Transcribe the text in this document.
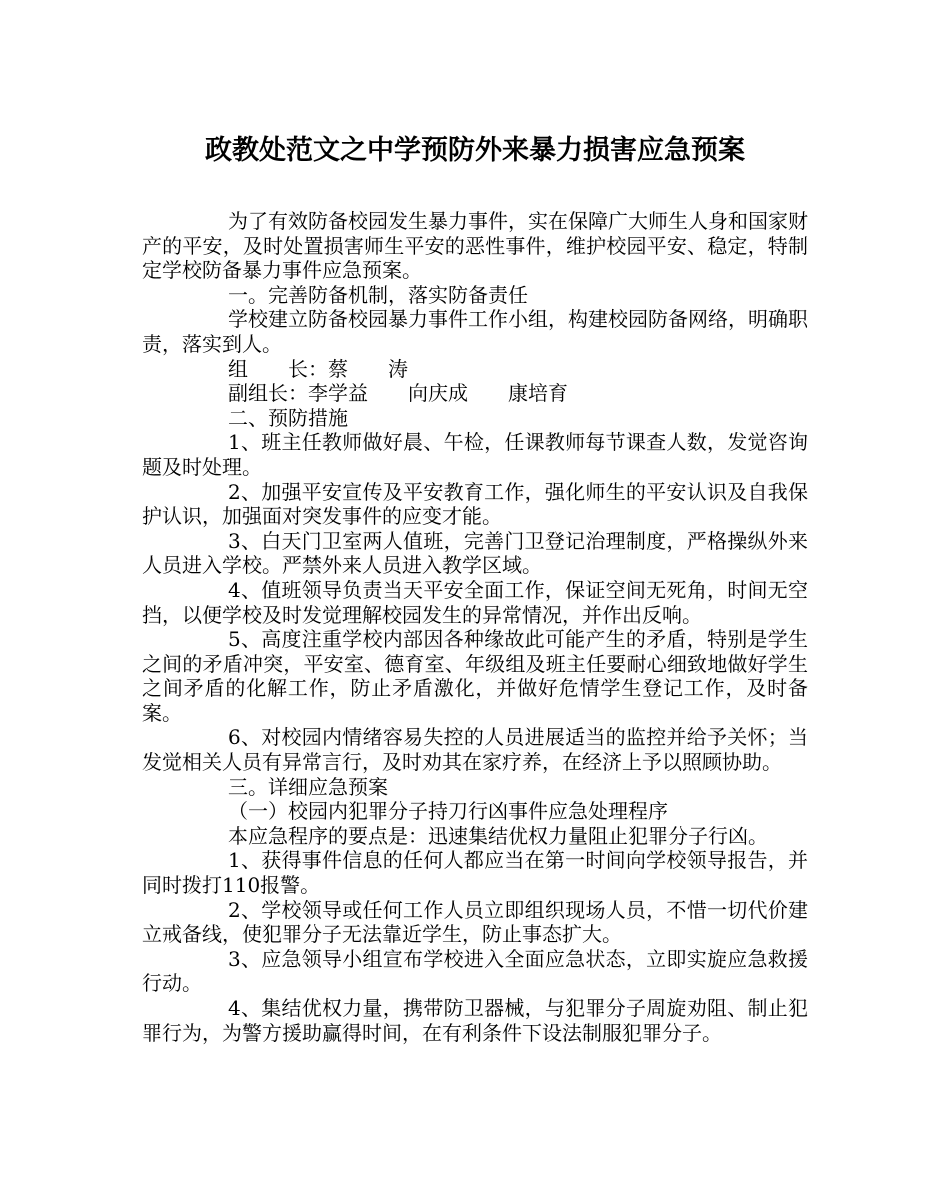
政教处范文之中学预防外来暴力损害应急预案

为了有效防备校园发生暴力事件，实在保障广大师生人身和国家财产的平安，及时处置损害师生平安的恶性事件，维护校园平安、稳定，特制定学校防备暴力事件应急预案。

一。完善防备机制，落实防备责任

学校建立防备校园暴力事件工作小组，构建校园防备网络，明确职责，落实到人。

组　　长：蔡　　涛

副组长：李学益　　向庆成　　康培育

二、预防措施

1、班主任教师做好晨、午检，任课教师每节课查人数，发觉咨询题及时处理。

2、加强平安宣传及平安教育工作，强化师生的平安认识及自我保护认识，加强面对突发事件的应变才能。

3、白天门卫室两人值班，完善门卫登记治理制度，严格操纵外来人员进入学校。严禁外来人员进入教学区域。

4、值班领导负责当天平安全面工作，保证空间无死角，时间无空挡，以便学校及时发觉理解校园发生的异常情况，并作出反响。

5、高度注重学校内部因各种缘故此可能产生的矛盾，特别是学生之间的矛盾冲突，平安室、德育室、年级组及班主任要耐心细致地做好学生之间矛盾的化解工作，防止矛盾激化，并做好危情学生登记工作，及时备案。

6、对校园内情绪容易失控的人员进展适当的监控并给予关怀；当发觉相关人员有异常言行，及时劝其在家疗养，在经济上予以照顾协助。

三。详细应急预案

（一）校园内犯罪分子持刀行凶事件应急处理程序

本应急程序的要点是：迅速集结优权力量阻止犯罪分子行凶。

1、获得事件信息的任何人都应当在第一时间向学校领导报告，并同时拨打110报警。

2、学校领导或任何工作人员立即组织现场人员，不惜一切代价建立戒备线，使犯罪分子无法靠近学生，防止事态扩大。

3、应急领导小组宣布学校进入全面应急状态，立即实旋应急救援行动。

4、集结优权力量，携带防卫器械，与犯罪分子周旋劝阻、制止犯罪行为，为警方援助赢得时间，在有利条件下设法制服犯罪分子。
